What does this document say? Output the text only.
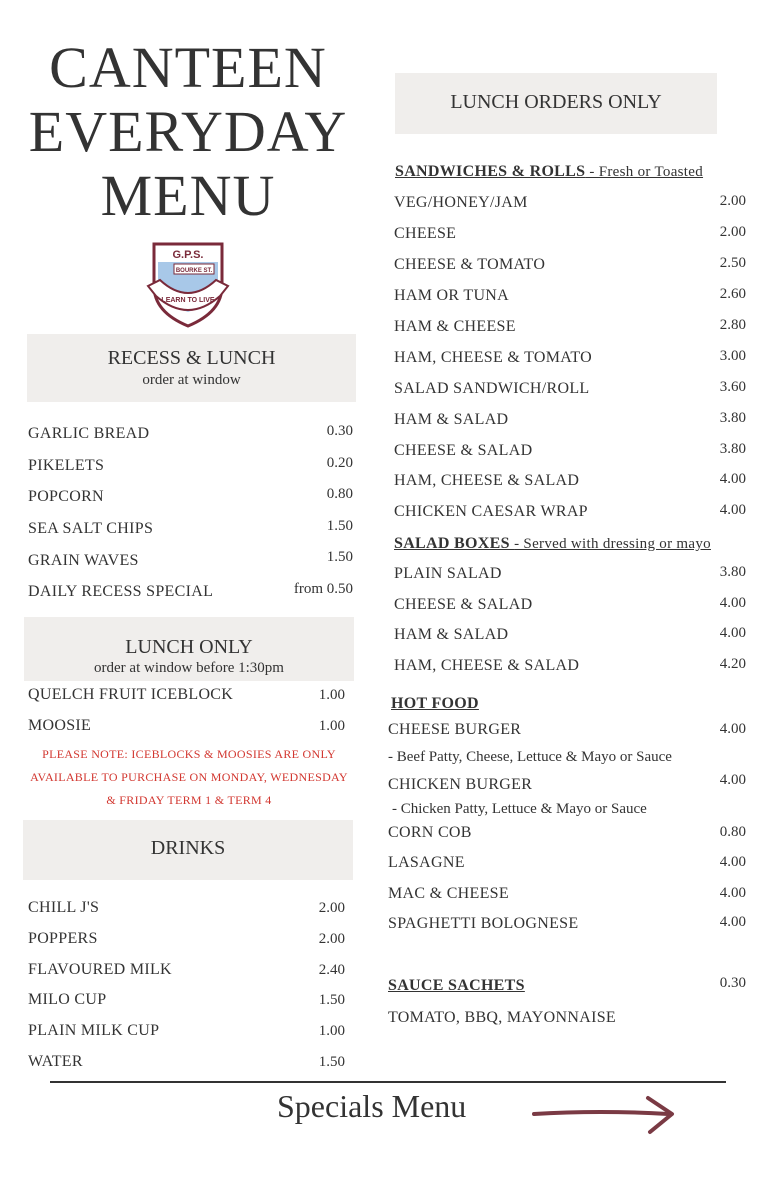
CANTEEN
EVERYDAY
MENU
G.P.S.
BOURKE ST.
LEARN TO LIVE
RECESS & LUNCH
order at window
GARLIC BREAD	0.30
PIKELETS	0.20
POPCORN	0.80
SEA SALT CHIPS	1.50
GRAIN WAVES	1.50
DAILY RECESS SPECIAL	from 0.50
LUNCH ONLY
order at window before 1:30pm
QUELCH FRUIT ICEBLOCK	1.00
MOOSIE	1.00
PLEASE NOTE: ICEBLOCKS & MOOSIES ARE ONLY
AVAILABLE TO PURCHASE ON MONDAY, WEDNESDAY
& FRIDAY TERM 1 & TERM 4
DRINKS
CHILL J'S	2.00
POPPERS	2.00
FLAVOURED MILK	2.40
MILO CUP	1.50
PLAIN MILK CUP	1.00
WATER	1.50
LUNCH ORDERS ONLY
SANDWICHES & ROLLS - Fresh or Toasted
VEG/HONEY/JAM	2.00
CHEESE	2.00
CHEESE & TOMATO	2.50
HAM OR TUNA	2.60
HAM & CHEESE	2.80
HAM, CHEESE & TOMATO	3.00
SALAD SANDWICH/ROLL	3.60
HAM & SALAD	3.80
CHEESE & SALAD	3.80
HAM, CHEESE & SALAD	4.00
CHICKEN CAESAR WRAP	4.00
SALAD BOXES - Served with dressing or mayo
PLAIN SALAD	3.80
CHEESE & SALAD	4.00
HAM & SALAD	4.00
HAM, CHEESE & SALAD	4.20
HOT FOOD
CHEESE BURGER	4.00
- Beef Patty, Cheese, Lettuce & Mayo or Sauce
CHICKEN BURGER	4.00
- Chicken Patty, Lettuce & Mayo or Sauce
CORN COB	0.80
LASAGNE	4.00
MAC & CHEESE	4.00
SPAGHETTI BOLOGNESE	4.00
SAUCE SACHETS	0.30
TOMATO, BBQ, MAYONNAISE
Specials Menu
